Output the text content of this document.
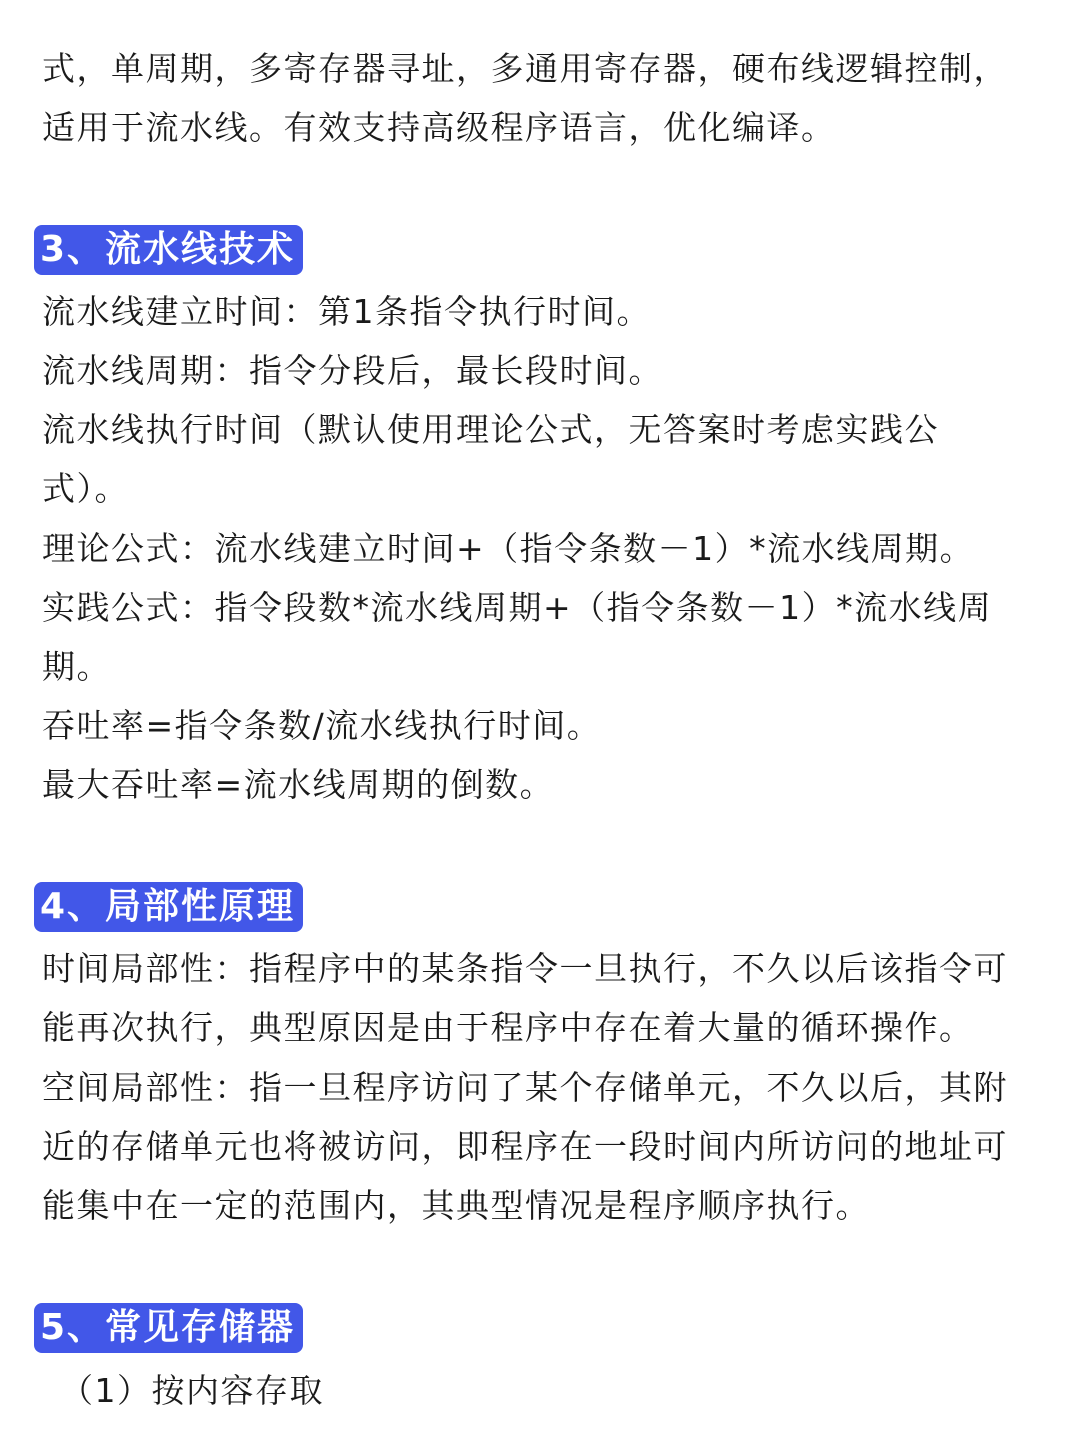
式，单周期，多寄存器寻址，多通用寄存器，硬布线逻辑控制，
适用于流水线。有效支持高级程序语言，优化编译。
3、流水线技术
流水线建立时间：第1条指令执行时间。
流水线周期：指令分段后，最长段时间。
流水线执行时间（默认使用理论公式，无答案时考虑实践公
式）。
理论公式：流水线建立时间+（指令条数－1）*流水线周期。
实践公式：指令段数*流水线周期+（指令条数－1）*流水线周
期。
吞吐率=指令条数/流水线执行时间。
最大吞吐率=流水线周期的倒数。
4、局部性原理
时间局部性：指程序中的某条指令一旦执行，不久以后该指令可
能再次执行，典型原因是由于程序中存在着大量的循环操作。
空间局部性：指一旦程序访问了某个存储单元，不久以后，其附
近的存储单元也将被访问，即程序在一段时间内所访问的地址可
能集中在一定的范围内，其典型情况是程序顺序执行。
5、常见存储器
（1）按内容存取
